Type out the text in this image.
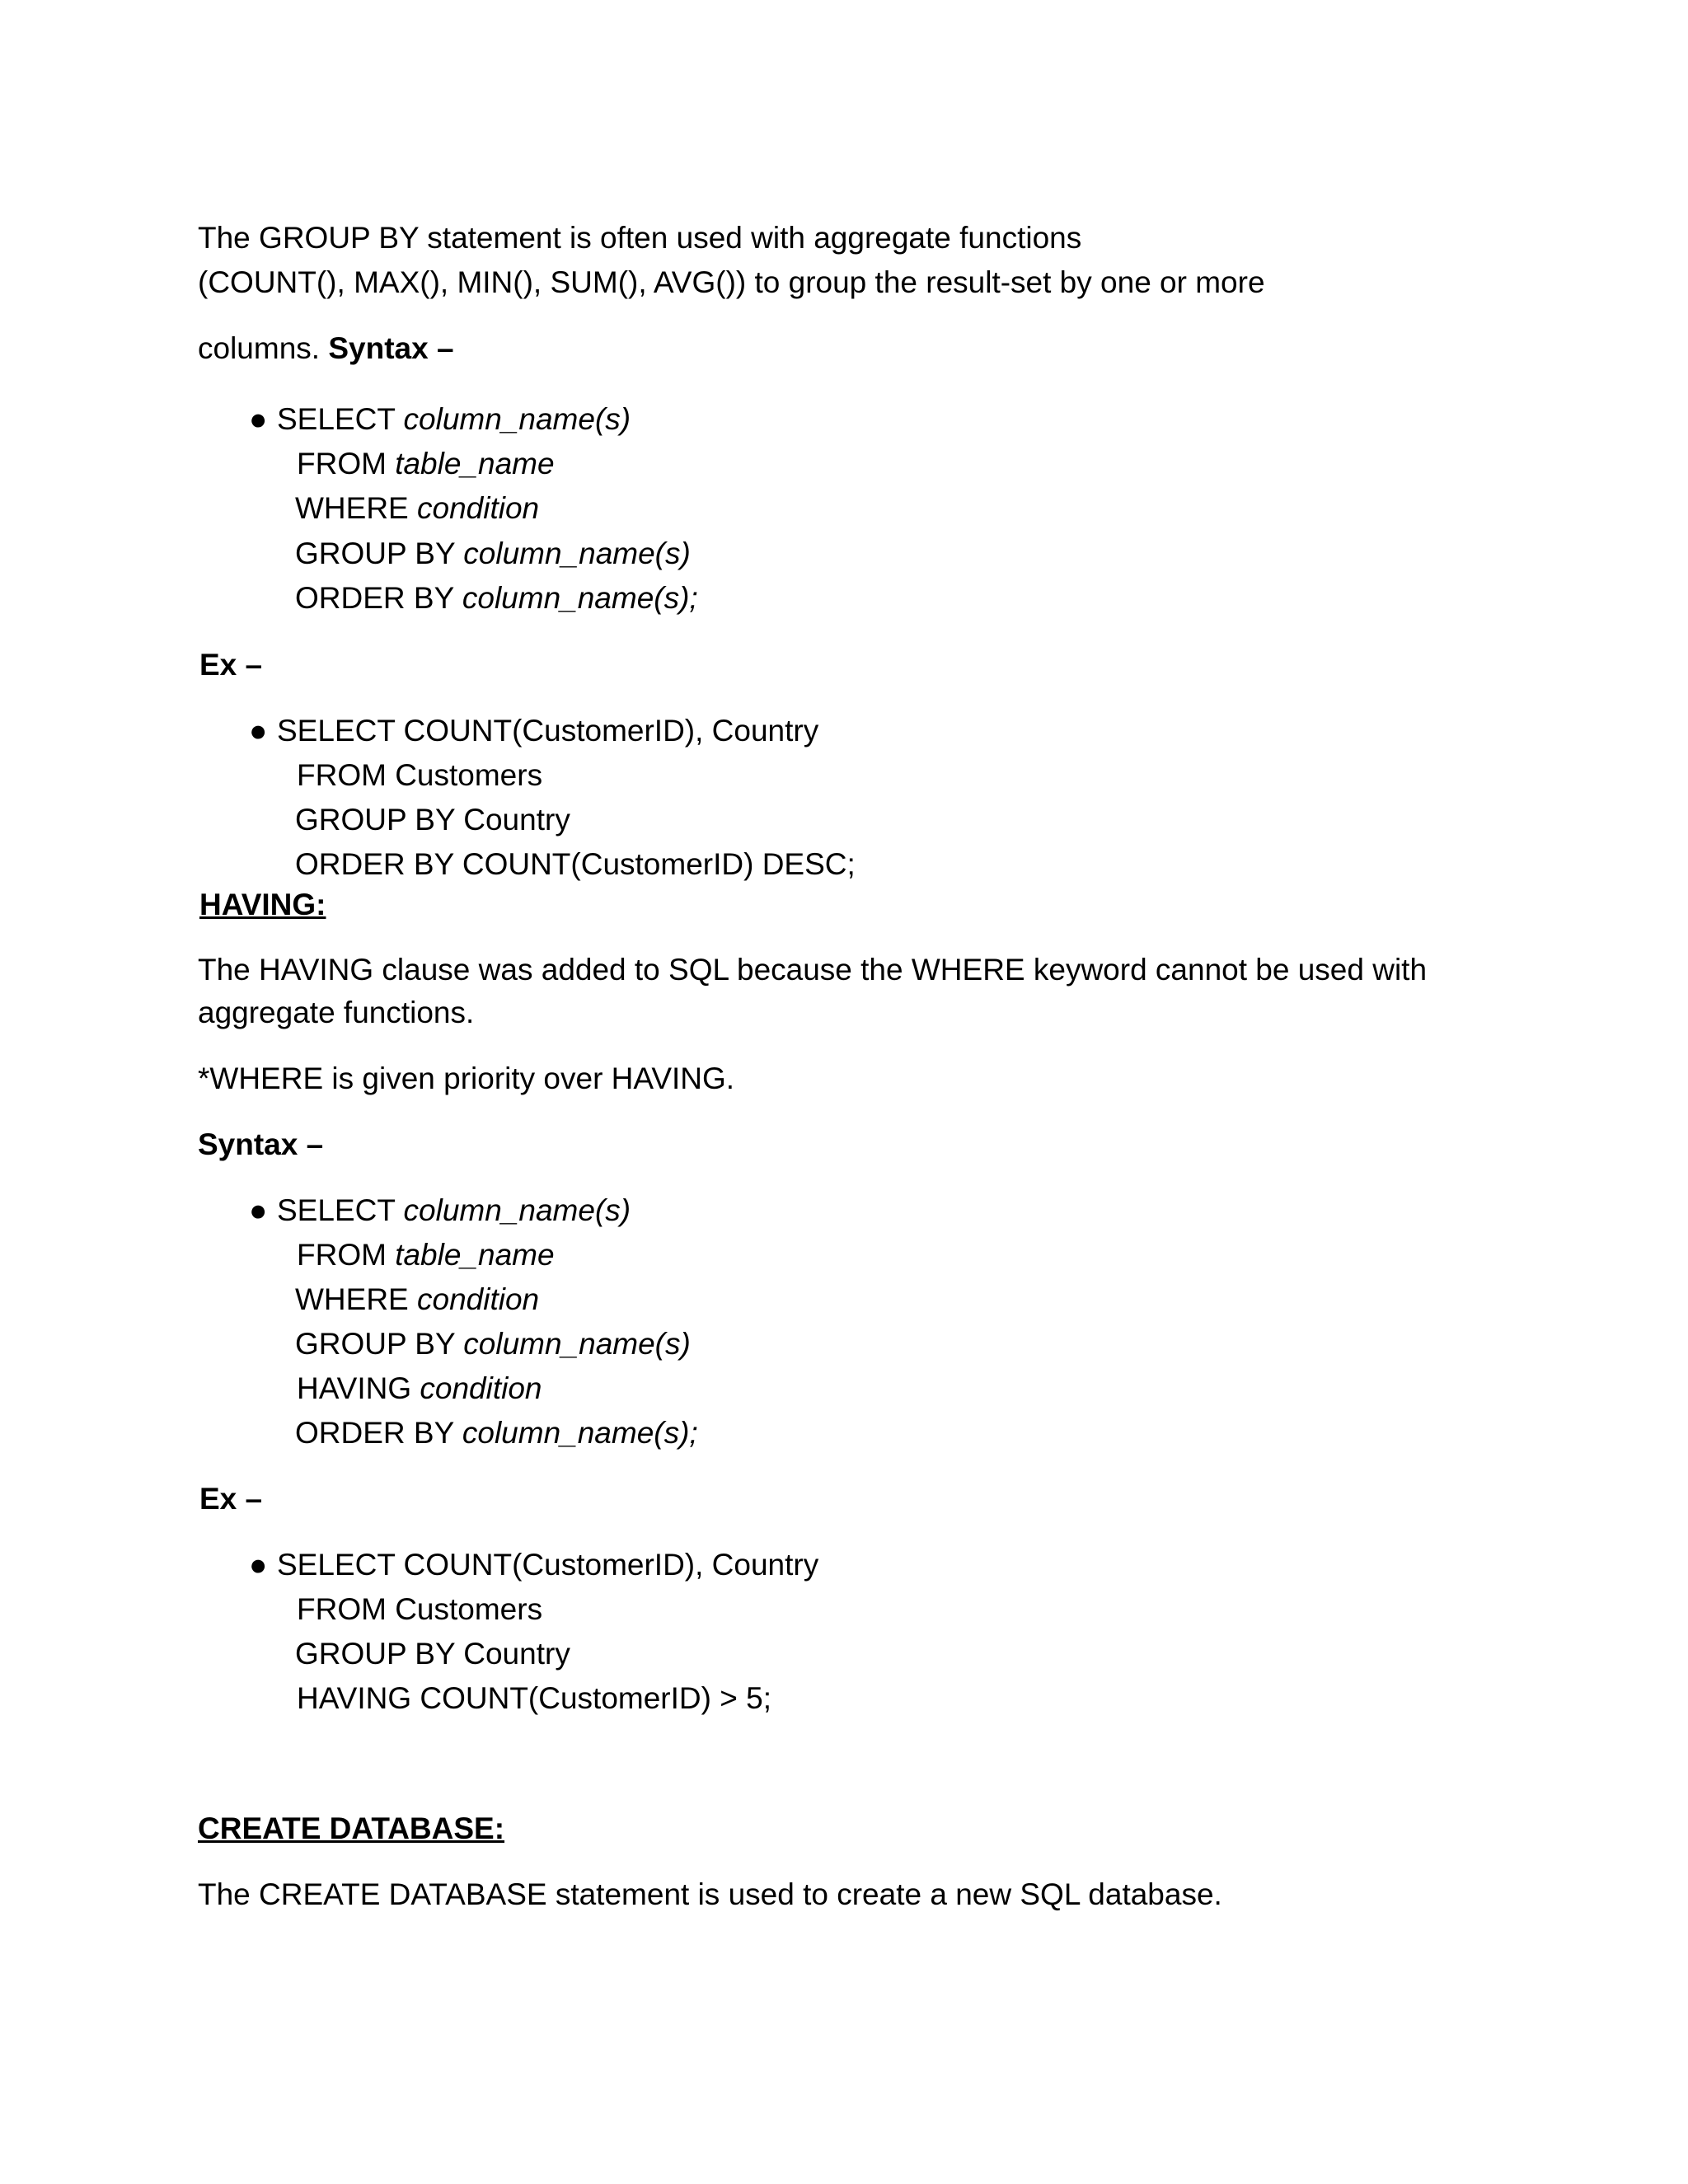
The GROUP BY statement is often used with aggregate functions
(COUNT(), MAX(), MIN(), SUM(), AVG()) to group the result-set by one or more
columns. Syntax –
●
SELECT column_name(s)
FROM table_name
WHERE condition
GROUP BY column_name(s)
ORDER BY column_name(s);
Ex –
●
SELECT COUNT(CustomerID), Country
FROM Customers
GROUP BY Country
ORDER BY COUNT(CustomerID) DESC;
HAVING:
The HAVING clause was added to SQL because the WHERE keyword cannot be used with
aggregate functions.
*WHERE is given priority over HAVING.
Syntax –
●
SELECT column_name(s)
FROM table_name
WHERE condition
GROUP BY column_name(s)
HAVING condition
ORDER BY column_name(s);
Ex –
●
SELECT COUNT(CustomerID), Country
FROM Customers
GROUP BY Country
HAVING COUNT(CustomerID) > 5;
CREATE DATABASE:
The CREATE DATABASE statement is used to create a new SQL database.
